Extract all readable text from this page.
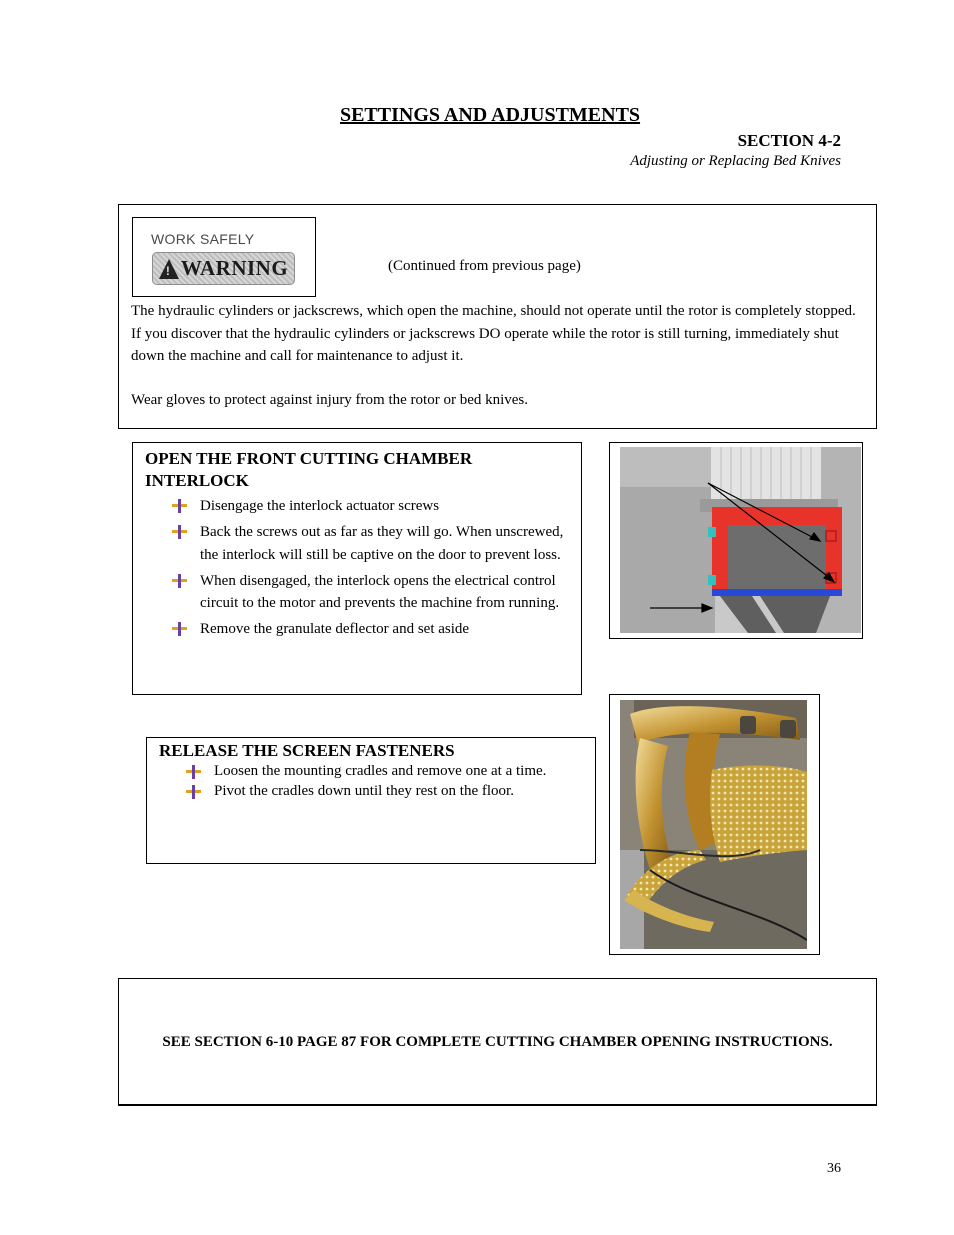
SETTINGS AND ADJUSTMENTS
SECTION 4-2
Adjusting or Replacing Bed Knives
WORK SAFELY
!
WARNING	(Continued from previous page)
The hydraulic cylinders or jackscrews, which open the machine, should not operate until the rotor is completely stopped. If you discover that the hydraulic cylinders or jackscrews DO operate while the rotor is still turning, immediately shut down the machine and call for maintenance to adjust it.
Wear gloves to protect against injury from the rotor or bed knives.
OPEN THE FRONT CUTTING CHAMBER INTERLOCK
Disengage the interlock actuator screws
Back the screws out as far as they will go. When unscrewed, the interlock will still be captive on the door to prevent loss.
When disengaged, the interlock opens the electrical control circuit to the motor and prevents the machine from running.
Remove the granulate deflector and set aside
RELEASE THE SCREEN FASTENERS
Loosen the mounting cradles and remove one at a time.
Pivot the cradles down until they rest on the floor.
SEE SECTION 6-10 PAGE 87 FOR COMPLETE CUTTING CHAMBER OPENING INSTRUCTIONS.
36
